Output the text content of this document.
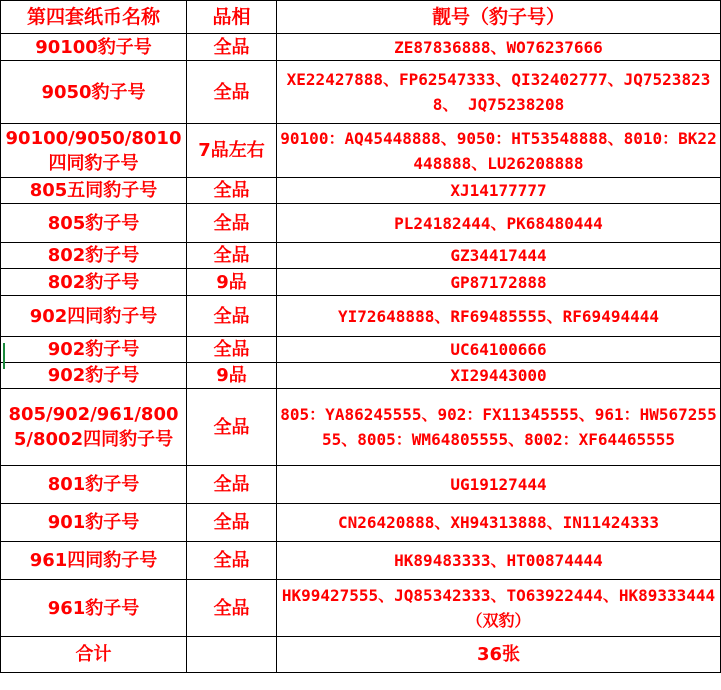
第四套纸币名称	品相	靓号（豹子号）
90100豹子号	全品	ZE87836888、WO76237666
9050豹子号	全品	XE22427888、FP62547333、QI32402777、JQ75238238、 JQ75238208
90100/9050/8010四同豹子号	7品左右	90100：AQ45448888、9050：HT53548888、8010：BK22448888、LU26208888
805五同豹子号	全品	XJ14177777
805豹子号	全品	PL24182444、PK68480444
802豹子号	全品	GZ34417444
802豹子号	9品	GP87172888
902四同豹子号	全品	YI72648888、RF69485555、RF69494444
902豹子号	全品	UC64100666
902豹子号	9品	XI29443000
805/902/961/8005/8002四同豹子号	全品	805：YA86245555、902：FX11345555、961：HW56725555、8005：WM64805555、8002：XF64465555
801豹子号	全品	UG19127444
901豹子号	全品	CN26420888、XH94313888、IN11424333
961四同豹子号	全品	HK89483333、HT00874444
961豹子号	全品	HK99427555、JQ85342333、TO63922444、HK89333444（双豹）
合计		36张
